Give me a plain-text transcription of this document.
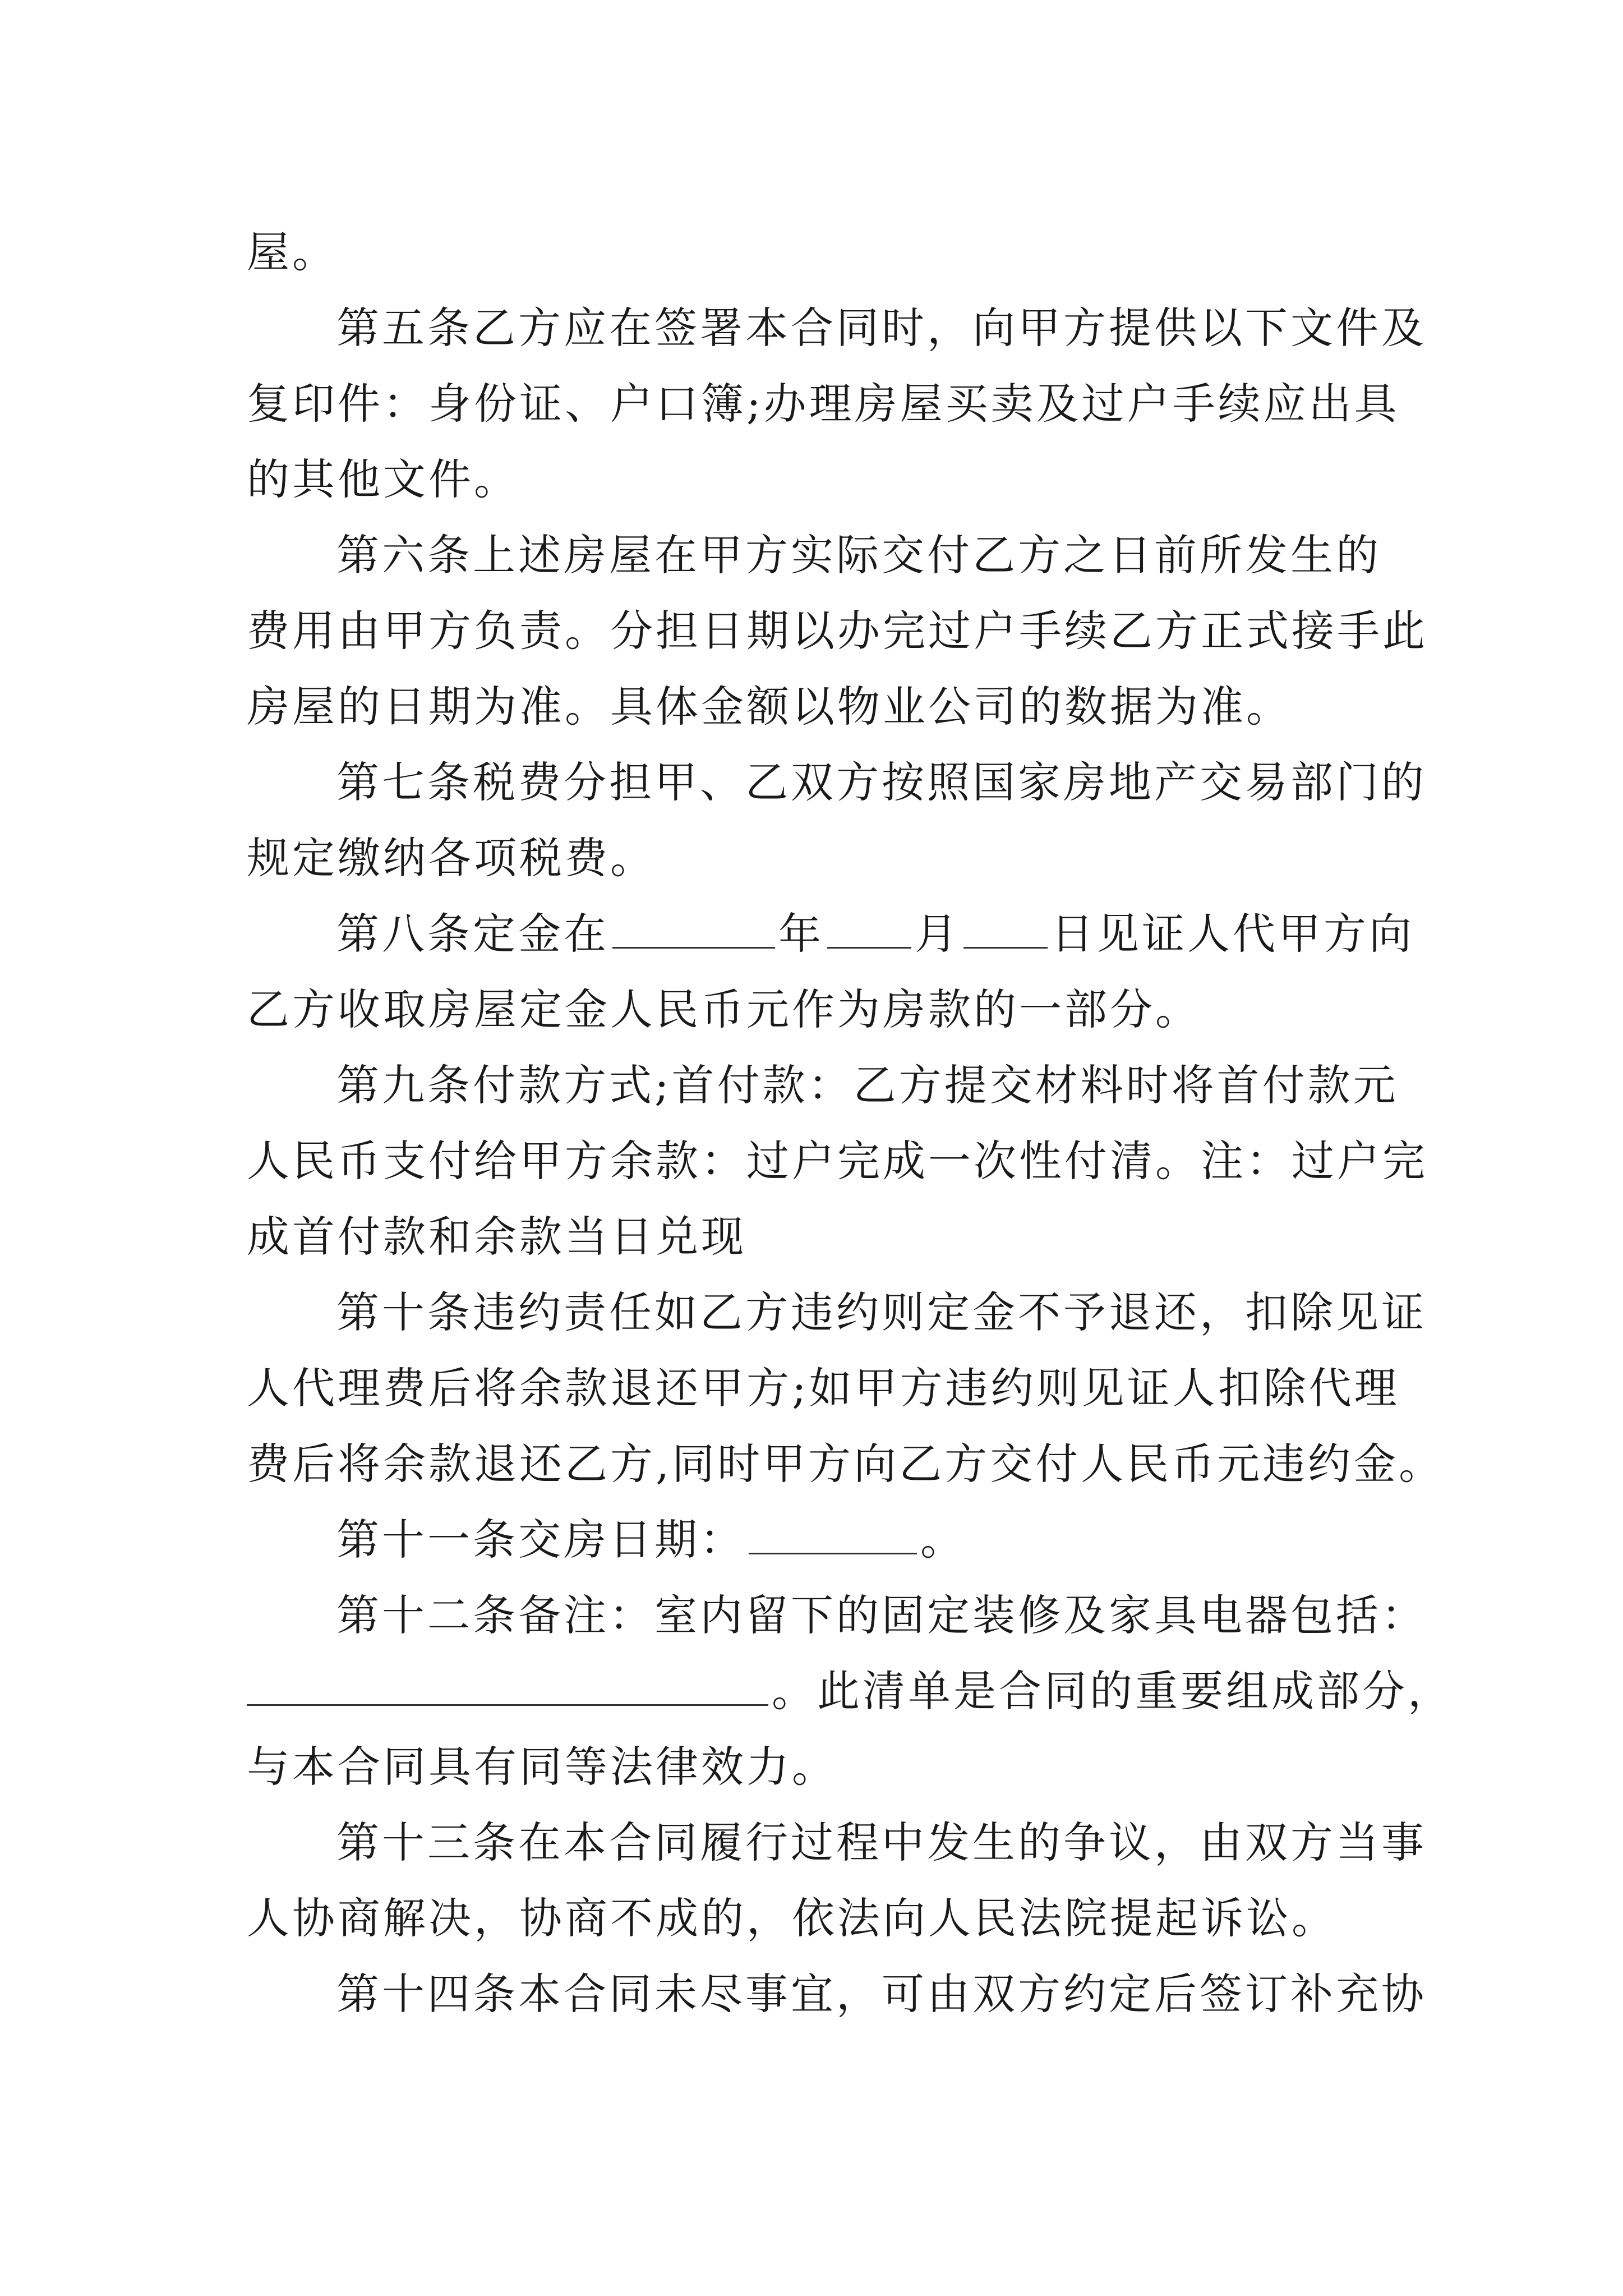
屋。
第五条乙方应在签署本合同时，向甲方提供以下文件及
复印件：身份证、户口簿;办理房屋买卖及过户手续应出具
的其他文件。
第六条上述房屋在甲方实际交付乙方之日前所发生的
费用由甲方负责。分担日期以办完过户手续乙方正式接手此
房屋的日期为准。具体金额以物业公司的数据为准。
第七条税费分担甲、乙双方按照国家房地产交易部门的
规定缴纳各项税费。
第八条定金在	年 月 日见证人代甲方向
乙方收取房屋定金人民币元作为房款的一部分。
第九条付款方式;首付款：乙方提交材料时将首付款元
人民币支付给甲方余款：过户完成一次性付清。注：过户完
成首付款和余款当日兑现
第十条违约责任如乙方违约则定金不予退还，扣除见证
人代理费后将余款退还甲方;如甲方违约则见证人扣除代理
费后将余款退还乙方,同时甲方向乙方交付人民币元违约金。
第十一条交房日期：	。
第十二条备注：室内留下的固定装修及家具电器包括：
。此清单是合同的重要组成部分，
与本合同具有同等法律效力。
第十三条在本合同履行过程中发生的争议，由双方当事
人协商解决，协商不成的，依法向人民法院提起诉讼。
第十四条本合同未尽事宜，可由双方约定后签订补充协
